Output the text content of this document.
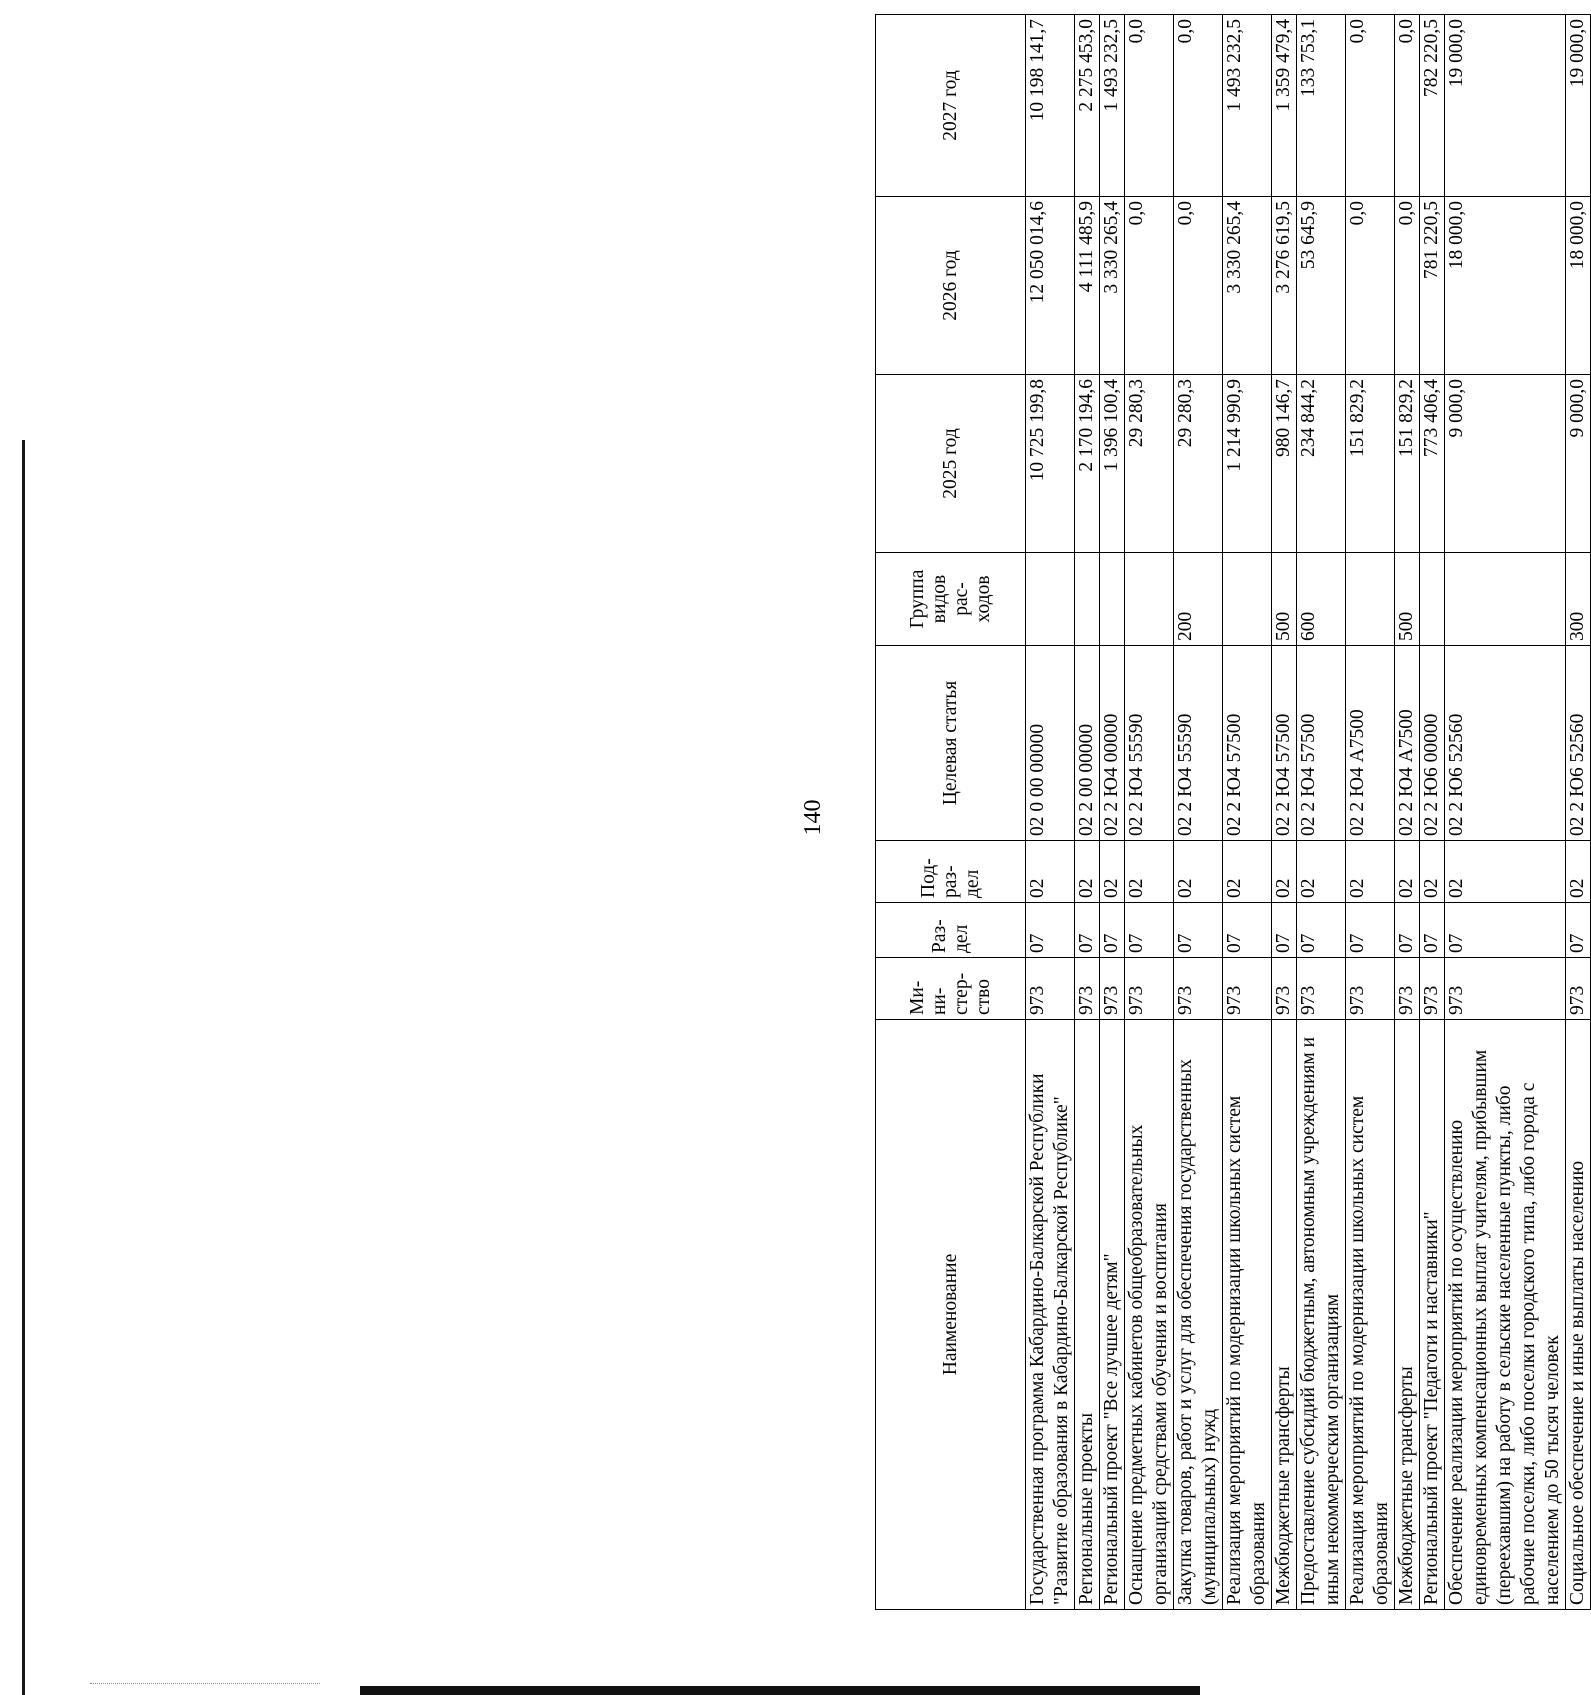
140
Наименование	Ми-
ни-
стер-
ство	Раз-
дел	Под-
раз-
дел	Целевая статья	Группа
видов
рас-
ходов	2025 год	2026 год	2027 год
Государственная программа Кабардино-Балкарской Республики "Развитие образования в Кабардино-Балкарской Республике"	973	07	02	02 0 00 00000		10 725 199,8	12 050 014,6	10 198 141,7
Региональные проекты	973	07	02	02 2 00 00000		2 170 194,6	4 111 485,9	2 275 453,0
Региональный проект "Все лучшее детям"	973	07	02	02 2 Ю4 00000		1 396 100,4	3 330 265,4	1 493 232,5
Оснащение предметных кабинетов общеобразовательных организаций средствами обучения и воспитания	973	07	02	02 2 Ю4 55590		29 280,3	0,0	0,0
Закупка товаров, работ и услуг для обеспечения государственных (муниципальных) нужд	973	07	02	02 2 Ю4 55590	200	29 280,3	0,0	0,0
Реализация мероприятий по модернизации школьных систем образования	973	07	02	02 2 Ю4 57500		1 214 990,9	3 330 265,4	1 493 232,5
Межбюджетные трансферты	973	07	02	02 2 Ю4 57500	500	980 146,7	3 276 619,5	1 359 479,4
Предоставление субсидий бюджетным, автономным учреждениям и иным некоммерческим организациям	973	07	02	02 2 Ю4 57500	600	234 844,2	53 645,9	133 753,1
Реализация мероприятий по модернизации школьных систем образования	973	07	02	02 2 Ю4 А7500		151 829,2	0,0	0,0
Межбюджетные трансферты	973	07	02	02 2 Ю4 А7500	500	151 829,2	0,0	0,0
Региональный проект "Педагоги и наставники"	973	07	02	02 2 Ю6 00000		773 406,4	781 220,5	782 220,5
Обеспечение реализации мероприятий по осуществлению единовременных компенсационных выплат учителям, прибывшим (переехавшим) на работу в сельские населенные пункты, либо рабочие поселки, либо поселки городского типа, либо города с населением до 50 тысяч человек	973	07	02	02 2 Ю6 52560		9 000,0	18 000,0	19 000,0
Социальное обеспечение и иные выплаты населению	973	07	02	02 2 Ю6 52560	300	9 000,0	18 000,0	19 000,0
